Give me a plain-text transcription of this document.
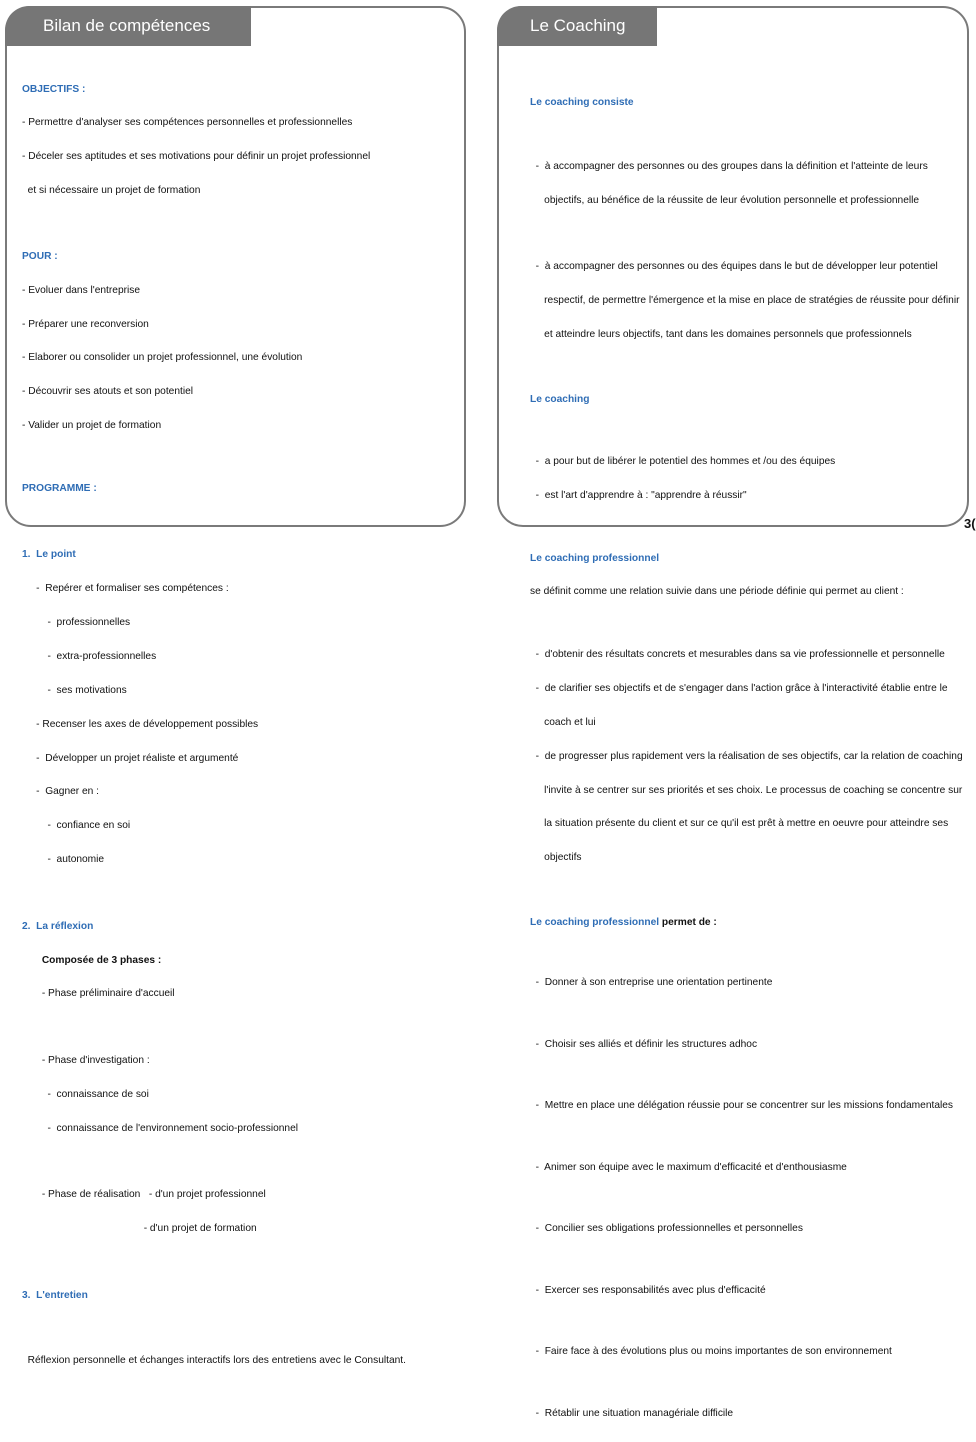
Bilan de compétences

OBJECTIFS :

- Permettre d'analyser ses compétences personnelles et professionnelles

- Déceler ses aptitudes et ses motivations pour définir un projet professionnel

et si nécessaire un projet de formation

POUR :

- Evoluer dans l'entreprise

- Préparer une reconversion

- Elaborer ou consolider un projet professionnel, une évolution

- Découvrir ses atouts et son potentiel

- Valider un projet de formation

PROGRAMME :

1.  Le point

-  Repérer et formaliser ses compétences :

-  professionnelles

-  extra-professionnelles

-  ses motivations

- Recenser les axes de développement possibles

-  Développer un projet réaliste et argumenté

-  Gagner en :

-  confiance en soi

-  autonomie

2.  La réflexion

Composée de 3 phases :

- Phase préliminaire d'accueil

- Phase d'investigation :

-  connaissance de soi

-  connaissance de l'environnement socio-professionnel

- Phase de réalisation   - d'un projet professionnel

- d'un projet de formation

3.  L'entretien

Réflexion personnelle et échanges interactifs lors des entretiens avec le Consultant.

Le Coaching

Le coaching consiste

-  à accompagner des personnes ou des groupes dans la définition et l'atteinte de leurs

objectifs, au bénéfice de la réussite de leur évolution personnelle et professionnelle

-  à accompagner des personnes ou des équipes dans le but de développer leur potentiel

respectif, de permettre l'émergence et la mise en place de stratégies de réussite pour définir

et atteindre leurs objectifs, tant dans les domaines personnels que professionnels

Le coaching

-  a pour but de libérer le potentiel des hommes et /ou des équipes

-  est l'art d'apprendre à : "apprendre à réussir"

Le coaching professionnel

se définit comme une relation suivie dans une période définie qui permet au client :

-  d'obtenir des résultats concrets et mesurables dans sa vie professionnelle et personnelle

-  de clarifier ses objectifs et de s'engager dans l'action grâce à l'interactivité établie entre le

coach et lui

-  de progresser plus rapidement vers la réalisation de ses objectifs, car la relation de coaching

l'invite à se centrer sur ses priorités et ses choix. Le processus de coaching se concentre sur

la situation présente du client et sur ce qu'il est prêt à mettre en oeuvre pour atteindre ses

objectifs

Le coaching professionnel permet de :

-  Donner à son entreprise une orientation pertinente

-  Choisir ses alliés et définir les structures adhoc

-  Mettre en place une délégation réussie pour se concentrer sur les missions fondamentales

-  Animer son équipe avec le maximum d'efficacité et d'enthousiasme

-  Concilier ses obligations professionnelles et personnelles

-  Exercer ses responsabilités avec plus d'efficacité

-  Faire face à des évolutions plus ou moins importantes de son environnement

-  Rétablir une situation managériale difficile

3(
